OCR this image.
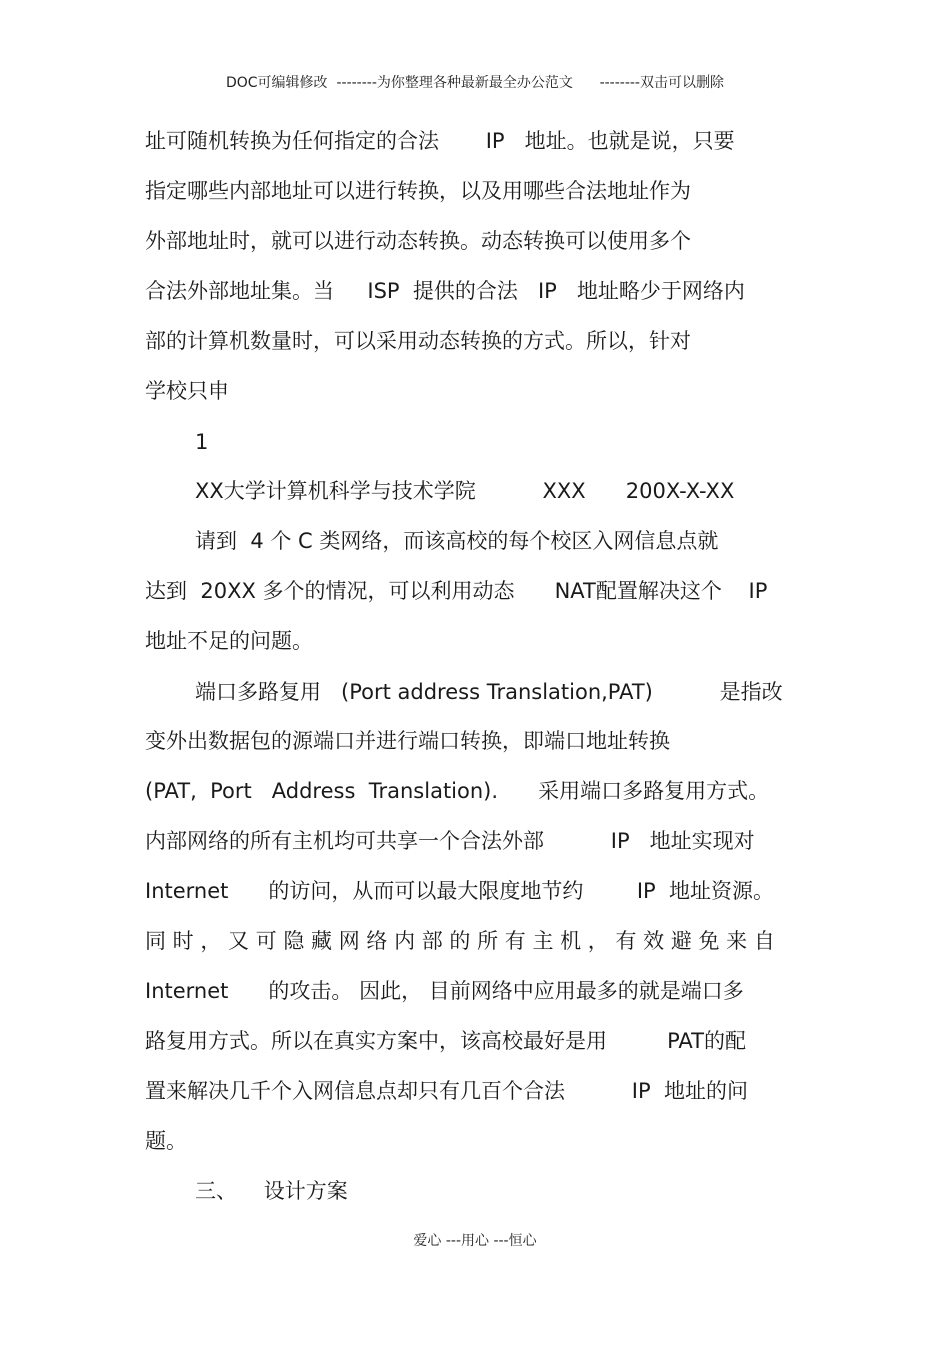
DOC可编辑修改  --------为你整理各种最新最全办公范文      --------双击可以删除
址可随机转换为任何指定的合法       IP   地址。也就是说，只要
指定哪些内部地址可以进行转换，以及用哪些合法地址作为
外部地址时，就可以进行动态转换。动态转换可以使用多个
合法外部地址集。当     ISP  提供的合法   IP   地址略少于网络内
部的计算机数量时，可以采用动态转换的方式。所以，针对
学校只申
1
XX大学计算机科学与技术学院          XXX      200X-X-XX
请到  4 个 C 类网络，而该高校的每个校区入网信息点就
达到  20XX 多个的情况，可以利用动态      NAT配置解决这个    IP
地址不足的问题。
端口多路复用   (Port address Translation,PAT)          是指改
变外出数据包的源端口并进行端口转换，即端口地址转换
(PAT,  Port   Address  Translation).      采用端口多路复用方式。
内部网络的所有主机均可共享一个合法外部          IP   地址实现对
Internet      的访问，从而可以最大限度地节约        IP  地址资源。
同 时 ， 又 可 隐 藏 网 络 内 部 的 所 有 主 机 ， 有 效 避 免 来 自
Internet      的攻击。 因此， 目前网络中应用最多的就是端口多
路复用方式。所以在真实方案中，该高校最好是用         PAT的配
置来解决几千个入网信息点却只有几百个合法          IP  地址的问
题。
三、    设计方案
爱心 ---用心 ---恒心
